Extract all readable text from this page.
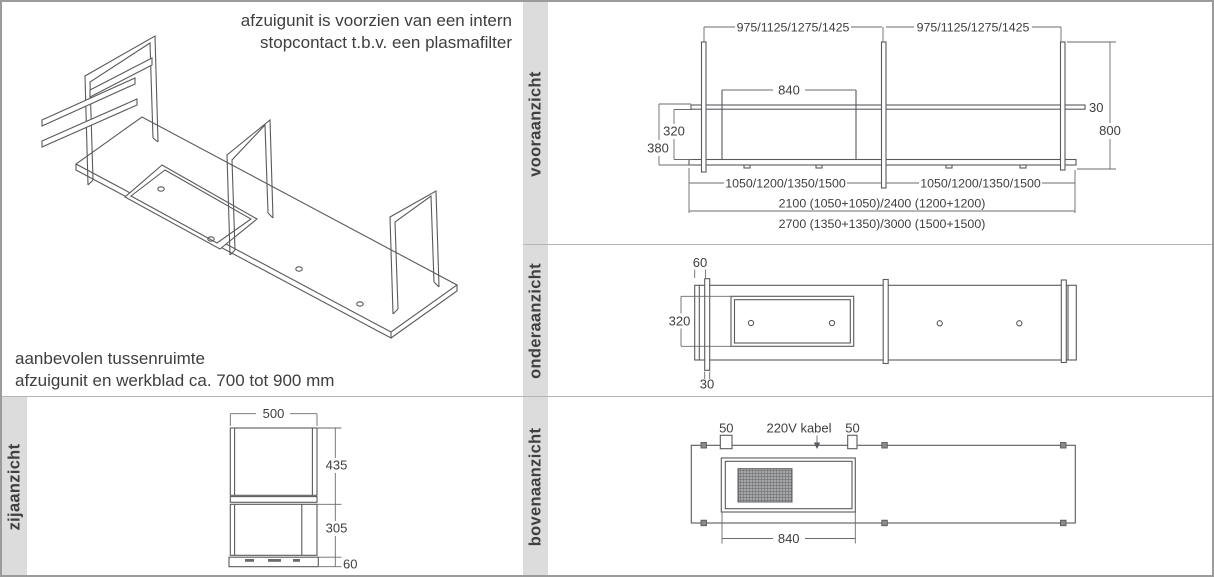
vooraanzicht
onderaanzicht
bovenaanzicht
zijaanzicht
afzuigunit is voorzien van een intern
stopcontact t.b.v. een plasmafilter
aanbevolen tussenruimte
afzuigunit en werkblad ca. 700 tot 900 mm
975/1125/1275/1425	975/1125/1275/1425
840
320
380
30
800
1050/1200/1350/1500	1050/1200/1350/1500
2100 (1050+1050)/2400 (1200+1200)
2700 (1350+1350)/3000 (1500+1500)
60
320
30
500
435
305
60
50	220V kabel 50
840
